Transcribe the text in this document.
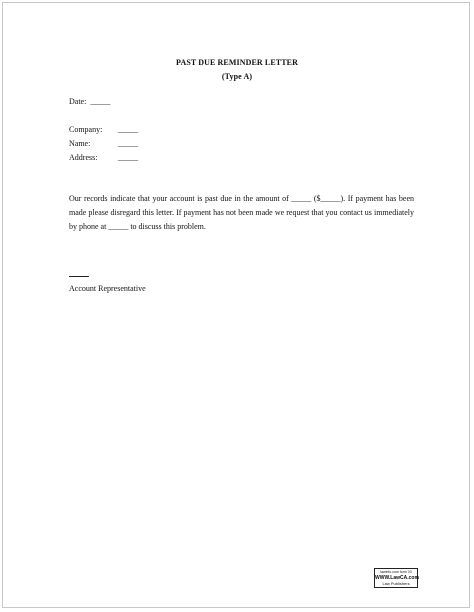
PAST DUE REMINDER LETTER
(Type A)
Date: _____
Company: _____
Name:	_____
Address:	_____
Our records indicate that your account is past due in the amount of _____ ($_____). If payment has been made please disregard this letter. If payment has not been made we request that you contact us immediately by phone at _____ to discuss this problem.
Account Representative
lawinfo.com form 03
WWW.LawCA.com
Law Publishers
